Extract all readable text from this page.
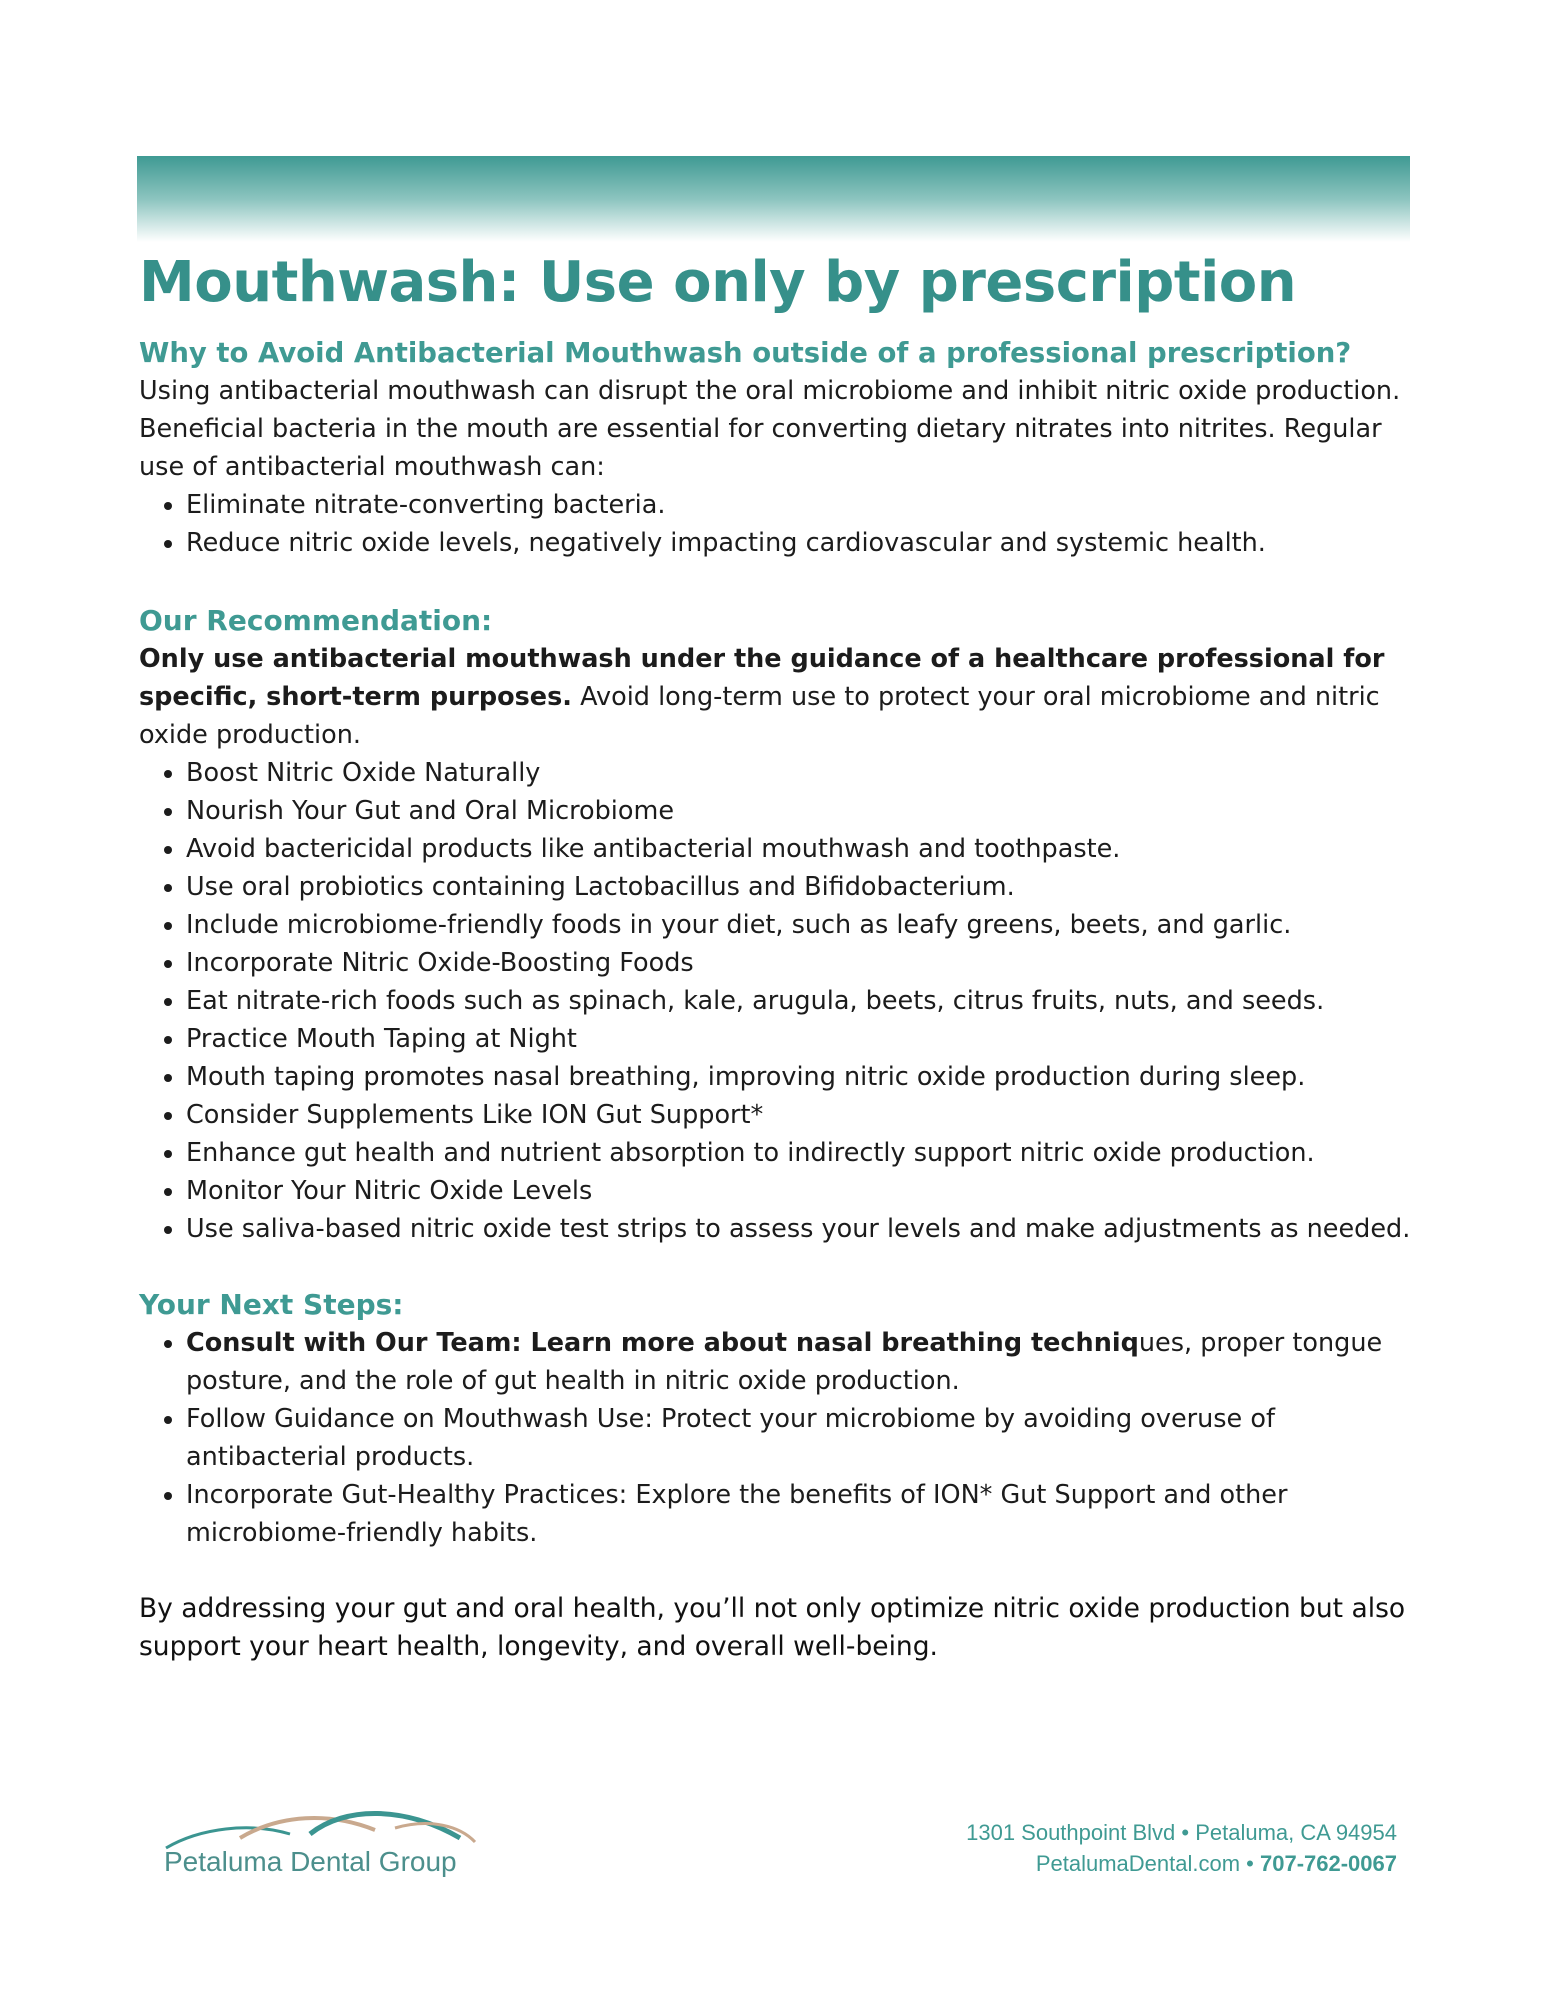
Mouthwash: Use only by prescription
Why to Avoid Antibacterial Mouthwash outside of a professional prescription?

Using antibacterial mouthwash can disrupt the oral microbiome and inhibit nitric oxide production. Beneficial bacteria in the mouth are essential for converting dietary nitrates into nitrites. Regular use of antibacterial mouthwash can:

• Eliminate nitrate-converting bacteria.
• Reduce nitric oxide levels, negatively impacting cardiovascular and systemic health.
Our Recommendation:

Only use antibacterial mouthwash under the guidance of a healthcare professional for specific, short-term purposes. Avoid long-term use to protect your oral microbiome and nitric oxide production.

• Boost Nitric Oxide Naturally
• Nourish Your Gut and Oral Microbiome
• Avoid bactericidal products like antibacterial mouthwash and toothpaste.
• Use oral probiotics containing Lactobacillus and Bifidobacterium.
• Include microbiome-friendly foods in your diet, such as leafy greens, beets, and garlic.
• Incorporate Nitric Oxide-Boosting Foods
• Eat nitrate-rich foods such as spinach, kale, arugula, beets, citrus fruits, nuts, and seeds.
• Practice Mouth Taping at Night
• Mouth taping promotes nasal breathing, improving nitric oxide production during sleep.
• Consider Supplements Like ION Gut Support*
• Enhance gut health and nutrient absorption to indirectly support nitric oxide production.
• Monitor Your Nitric Oxide Levels
• Use saliva-based nitric oxide test strips to assess your levels and make adjustments as needed.
Your Next Steps:
• Consult with Our Team: Learn more about nasal breathing techniques, proper tongue posture, and the role of gut health in nitric oxide production.
• Follow Guidance on Mouthwash Use: Protect your microbiome by avoiding overuse of antibacterial products.
• Incorporate Gut-Healthy Practices: Explore the benefits of ION* Gut Support and other microbiome-friendly habits.

By addressing your gut and oral health, you’ll not only optimize nitric oxide production but also support your heart health, longevity, and overall well-being.

Petaluma Dental Group
1301 Southpoint Blvd • Petaluma, CA 94954
PetalumaDental.com • 707-762-0067
